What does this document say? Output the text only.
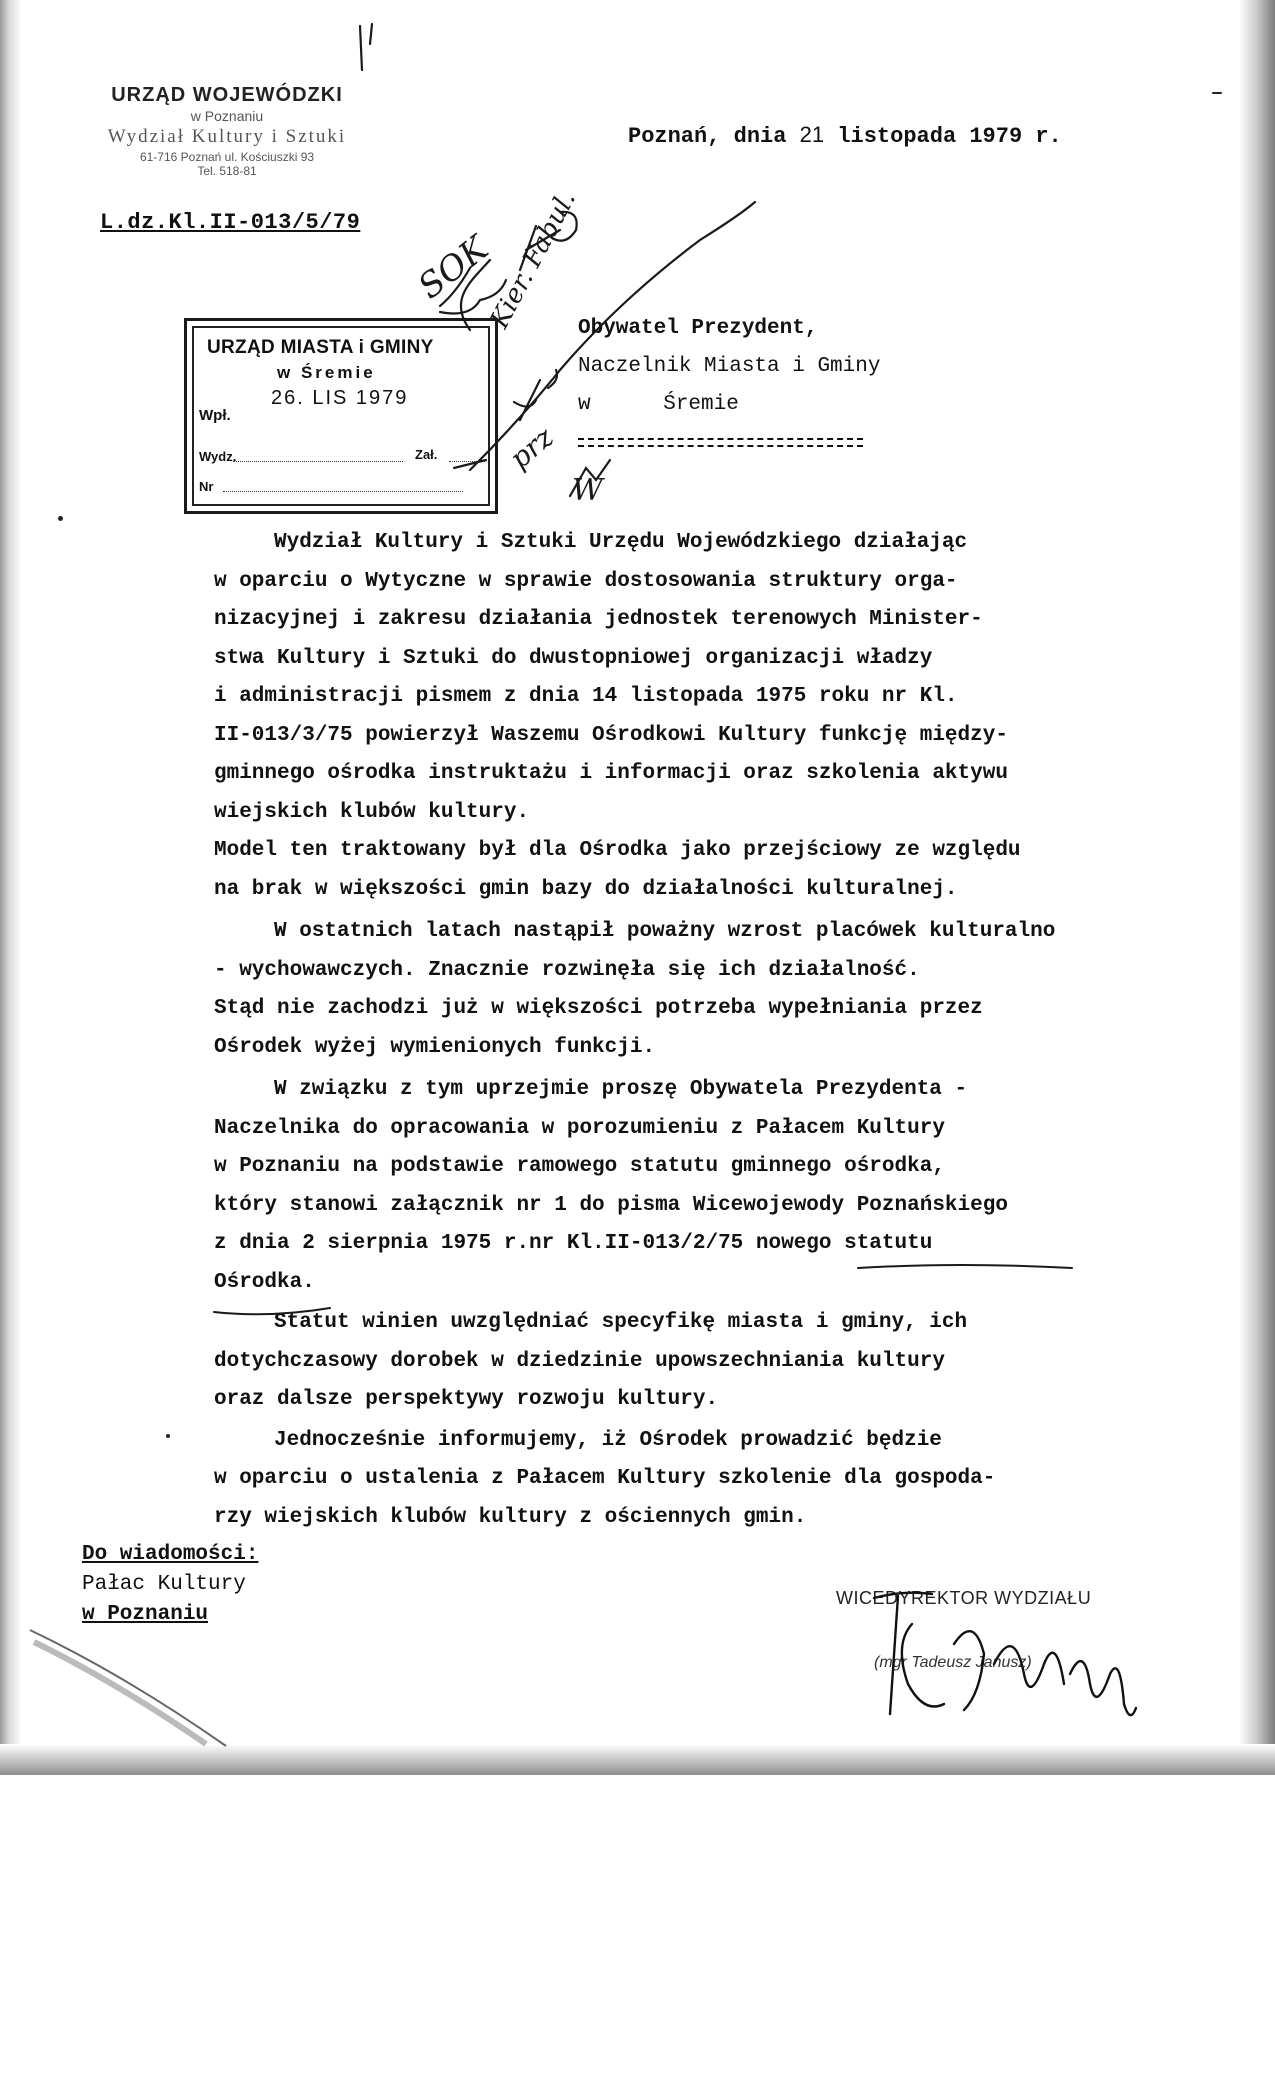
URZĄD WOJEWÓDZKI
w Poznaniu
Wydział Kultury i Sztuki
61-716 Poznań ul. Kościuszki 93
Tel. 518-81
L.dz.Kl.II-013/5/79
Poznań, dnia 21 listopada 1979 r.
URZĄD MIASTA i GMINY
w Śremie
Wpł.
26. LIS 1979
Wydz.	Zał.
Nr
Obywatel Prezydent,
Naczelnik Miasta i Gminy
w	Śremie
SOK
Kier. Fabul.
prz
W
Wydział Kultury i Sztuki Urzędu Wojewódzkiego działając
w oparciu o Wytyczne w sprawie dostosowania struktury orga-
nizacyjnej i zakresu działania jednostek terenowych Minister-
stwa Kultury i Sztuki do dwustopniowej organizacji władzy
i administracji pismem z dnia 14 listopada 1975 roku nr Kl.
II-013/3/75 powierzył Waszemu Ośrodkowi Kultury funkcję między-
gminnego ośrodka instruktażu i informacji oraz szkolenia aktywu
wiejskich klubów kultury.
Model ten traktowany był dla Ośrodka jako przejściowy ze względu
na brak w większości gmin bazy do działalności kulturalnej.
W ostatnich latach nastąpił poważny wzrost placówek kulturalno
- wychowawczych. Znacznie rozwinęła się ich działalność.
Stąd nie zachodzi już w większości potrzeba wypełniania przez
Ośrodek wyżej wymienionych funkcji.
W związku z tym uprzejmie proszę Obywatela Prezydenta -
Naczelnika do opracowania w porozumieniu z Pałacem Kultury
w Poznaniu na podstawie ramowego statutu gminnego ośrodka,
który stanowi załącznik nr 1 do pisma Wicewojewody Poznańskiego
z dnia 2 sierpnia 1975 r.nr Kl.II-013/2/75 nowego statutu
Ośrodka.
Statut winien uwzględniać specyfikę miasta i gminy, ich
dotychczasowy dorobek w dziedzinie upowszechniania kultury
oraz dalsze perspektywy rozwoju kultury.
Jednocześnie informujemy, iż Ośrodek prowadzić będzie
w oparciu o ustalenia z Pałacem Kultury szkolenie dla gospoda-
rzy wiejskich klubów kultury z ościennych gmin.
Do wiadomości:
Pałac Kultury
w Poznaniu
WICEDYREKTOR WYDZIAŁU
(mgr Tadeusz Janusz)
